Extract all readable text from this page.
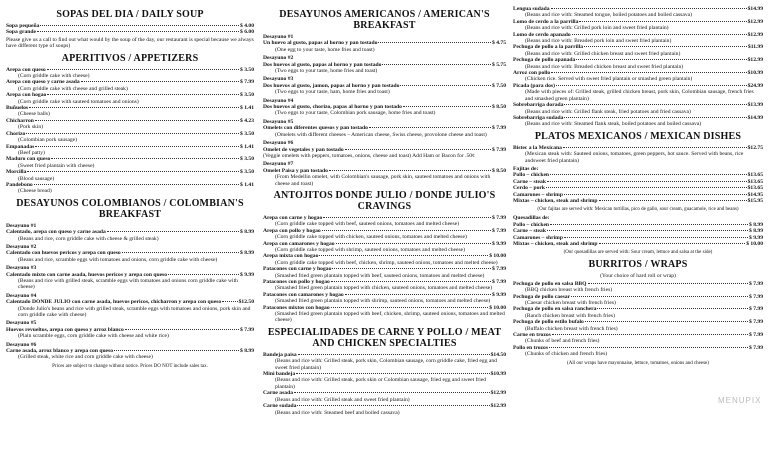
SOPAS DEL DIA / DAILY SOUP
Sopa pequeña	$ 4.00
Sopa grande	$ 6.00
Please give us a call to find out what would by the soup of the day, our restaurant is special because we always have different type of soups)
APERITIVOS / APPETIZERS
Arepa con queso	$ 3.50
(Corn griddle cake with cheese)
Arepa con queso y carne asada	$ 7.99
(Corn griddle cake with cheese and grilled steak)
Arepa con hogao	$ 3.50
(Corn griddle cake with sauteed tomatoes and onions)
Buñuelos	$ 1.41
(Cheese balls)
Chicharron	$ 4.23
(Pork skin)
Chorizo	$ 3.50
(Colombian pork sausage)
Empanadas	$ 1.41
(Beef patty)
Maduro con queso	$ 3.50
(Sweet fried plantain with cheese)
Morcilla	$ 3.50
(Blood sausage)
Pandebono	$ 1.41
(Cheese bread)
DESAYUNOS COLOMBIANOS / COLOMBIAN'S BREAKFAST
Desayuno #1
Calentado, arepa con queso y carne asada	$ 8.99
(Beans and rice, corn griddle cake with cheese & grilled steak)
Desayuno #2
Calentado con huevos pericos y arepa con queso	$ 8.99
(Beans and rice, scramble eggs with tomatoes and onions, corn griddle cake with cheese)
Desayuno #3
Calentado mixto con carne asada, huevos pericos y arepa con queso	$ 9.99
(Beans and rice with grilled steak, scramble eggs with tomatoes and onions corn griddle cake with cheese)
Desayuno #4
Calentado DONDE JULIO con carne asada, huevos pericos, chicharron y arepa con queso	$12.50
(Donde Julio's beans and rice with grilled steak, scramble eggs with tomatoes and onions, pork skin and corn griddle cake with cheese)
Desayuno #5
Huevos revueltos, arepa con queso y arroz blanco	$ 7.99
(Plain scramble eggs, corn griddle cake with cheese and white rice)
Desayuno #6
Carne asada, arroz blanco y arepa con queso	$ 8.99
(Grilled steak, white rice and corn griddle cake with cheese)
Prices are subject to change without notice. Prices DO NOT include sales tax.
DESAYUNOS AMERICANOS / AMERICAN'S BREAKFAST
Desayuno #1
Un huevo al gusto, papas al horno y pan tostado	$ 4.75
(One egg to your taste, home fries and toast)
Desayuno #2
Dos huevos al gusto, papas al horno y pan tostado	$ 5.75
(Two eggs to your taste, home fries and toast)
Desayuno #3
Dos huevos al gusto, jamon, papas al horno y pan tostado	$ 7.50
(Two eggs to your taste, ham, home fries and toast)
Desayuno #4
Dos huevos al gusto, chorizo, papas al horno y pan tostado	$ 8.50
(Two eggs to your taste, Colombian pork sausage, home fries and toast)
Desayuno #5
Omelets con diferentes quesos y pan tostado	$ 7.99
(Omelets with different cheeses – American cheese, Swiss cheese, provolone cheese and toast)
Desayuno #6
Omelet de vegetales y pan tostado	$ 7.99
(Veggie omelets with peppers, tomatoes, onions, cheese and toast) Add Ham or Bacon for .50¢
Desayuno #7
Omelet Paisa y pan tostado	$ 8.50
(From Medellin omelet, with Colombian's sausage, pork skin, sauteed tomatoes and onions with cheese and toast)
ANTOJITOS DONDE JULIO / DONDE JULIO'S CRAVINGS
Arepa con carne y hogao	$ 7.99
(Corn griddle cake topped with beef, sauteed onions, tomatoes and melted cheese)
Arepa con pollo y hogao	$ 7.99
(Corn griddle cake topped with chicken, sauteed onions, tomatoes and melted cheese)
Arepa con camarones y hogao	$ 9.99
(Corn griddle cake topped with shrimp, sauteed onions, tomatoes and melted cheese)
Arepa mixta con hogao	$ 10.00
(Corn griddle cake topped with beef, chicken, shrimp, sauteed onions, tomatoes and melted cheese)
Patacones con carne y hogao	$ 7.99
(Smashed fried green plantain topped with beef, sauteed onions, tomatoes and melted cheese)
Patacones con pollo y hogao	$ 7.99
(Smashed fried green plantain topped with chicken, sauteed onions, tomatoes and melted cheese)
Patacones con camarones y hogao	$ 9.99
(Smashed fried green plantain topped with shrimp, sauteed onions, tomatoes and melted cheese)
Patacones mixtos con hogao	$ 10.00
(Smashed fried green plantain topped with beef, chicken, shrimp, sauteed onions, tomatoes and melted cheese)
ESPECIALIDADES DE CARNE Y POLLO / MEAT AND CHICKEN SPECIALTIES
Bandeja paisa	$14.50
(Beans and rice with: Grilled steak, pork skin, Colombian sausage, corn griddle cake, fried egg and sweet fried plantain)
Mini bandeja	$10.99
(Beans and rice with: Grilled steak, pork skin or Colombian sausage, fried egg and sweet fried plantain)
Carne asada	$12.99
(Beans and rice with: Grilled steak and sweet fried plantain)
Carne sudada	$12.99
(Beans and rice with: Steamed beef and boiled cassava)
Lengua sudada	$14.99
(Beans and rice with: Steamed tongue, boiled potatoes and boiled cassava)
Lomo de cerdo a la parrilla	$12.99
(Beans and rice with: Grilled pork loin and sweet fried plantain)
Lomo de cerdo apanado	$12.99
(Beans and rice with: Breaded pork loin and sweet fried plantain)
Pechuga de pollo a la parrilla	$11.99
(Beans and rice with: Grilled chicken breast and sweet fried plantain)
Pechuga de pollo apanada	$12.99
(Beans and rice with: Breaded chicken breast and sweet fried plantain)
Arroz con pollo	$10.99
(Chicken rice. Served with sweet fried plantain or smashed green plantain)
Picada (para dos)	$24.99
(Made with pieces of: Grilled steak, grilled chicken breast, pork skin, Colombian sausage, french fries and smashed green plantain)
Sobrebarriga dorada	$13.99
(Beans and rice with: Grilled flank steak, fried potatoes and fried cassava)
Sobrebarriga sudada	$14.99
(Beans and rice with: Steamed flank steak, boiled potatoes and boiled cassava)
PLATOS MEXICANOS / MEXICAN DISHES
Bistec a la Mexicana	$12.75
(Mexican steak with: Sauteed onions, tomatoes, green peppers, hot sauce. Served with beans, rice andsweet fried plantain)
Fajitas de:
Pollo – chicken	$13.65
Carne – steak	$13.65
Cerdo – pork	$13.65
Camarones – shrimp	$14.95
Mixtas – chicken, steak and shrimp	$15.95
(Our fajitas are served with: Mexican tortillas, pico de gallo, sour cream, guacamole, rice and beans)
Quesadillas de:
Pollo – chicken	$ 8.99
Carne – steak	$ 8.99
Camarones – shrimp	$ 9.99
Mixtas – chicken, steak and shrimp	$ 10.00
(Our quesadillas are served with: Sour cream, lettuce and salsa at the side)
BURRITOS / WRAPS
(Your choice of hard roll or wrap)
Pechuga de pollo en salsa BBQ	$ 7.99
(BBQ chicken breast with french fries)
Pechuga de pollo caesar	$ 7.99
(Caesar chicken breast with french fries)
Pechuga de pollo en salsa ranchera	$ 7.99
(Ranch chicken breast with french fries)
Pechuga de pollo estilo bufalo	$ 7.99
(Buffalo chicken breast with french fries)
Carne en trozos	$ 7.99
(Chunks of beef and french fries)
Pollo en trozos	$ 7.99
(Chunks of chicken and french fries)
(All our wraps have mayonnaise, lettuce, tomatoes, onions and cheese)
MENUPIX
